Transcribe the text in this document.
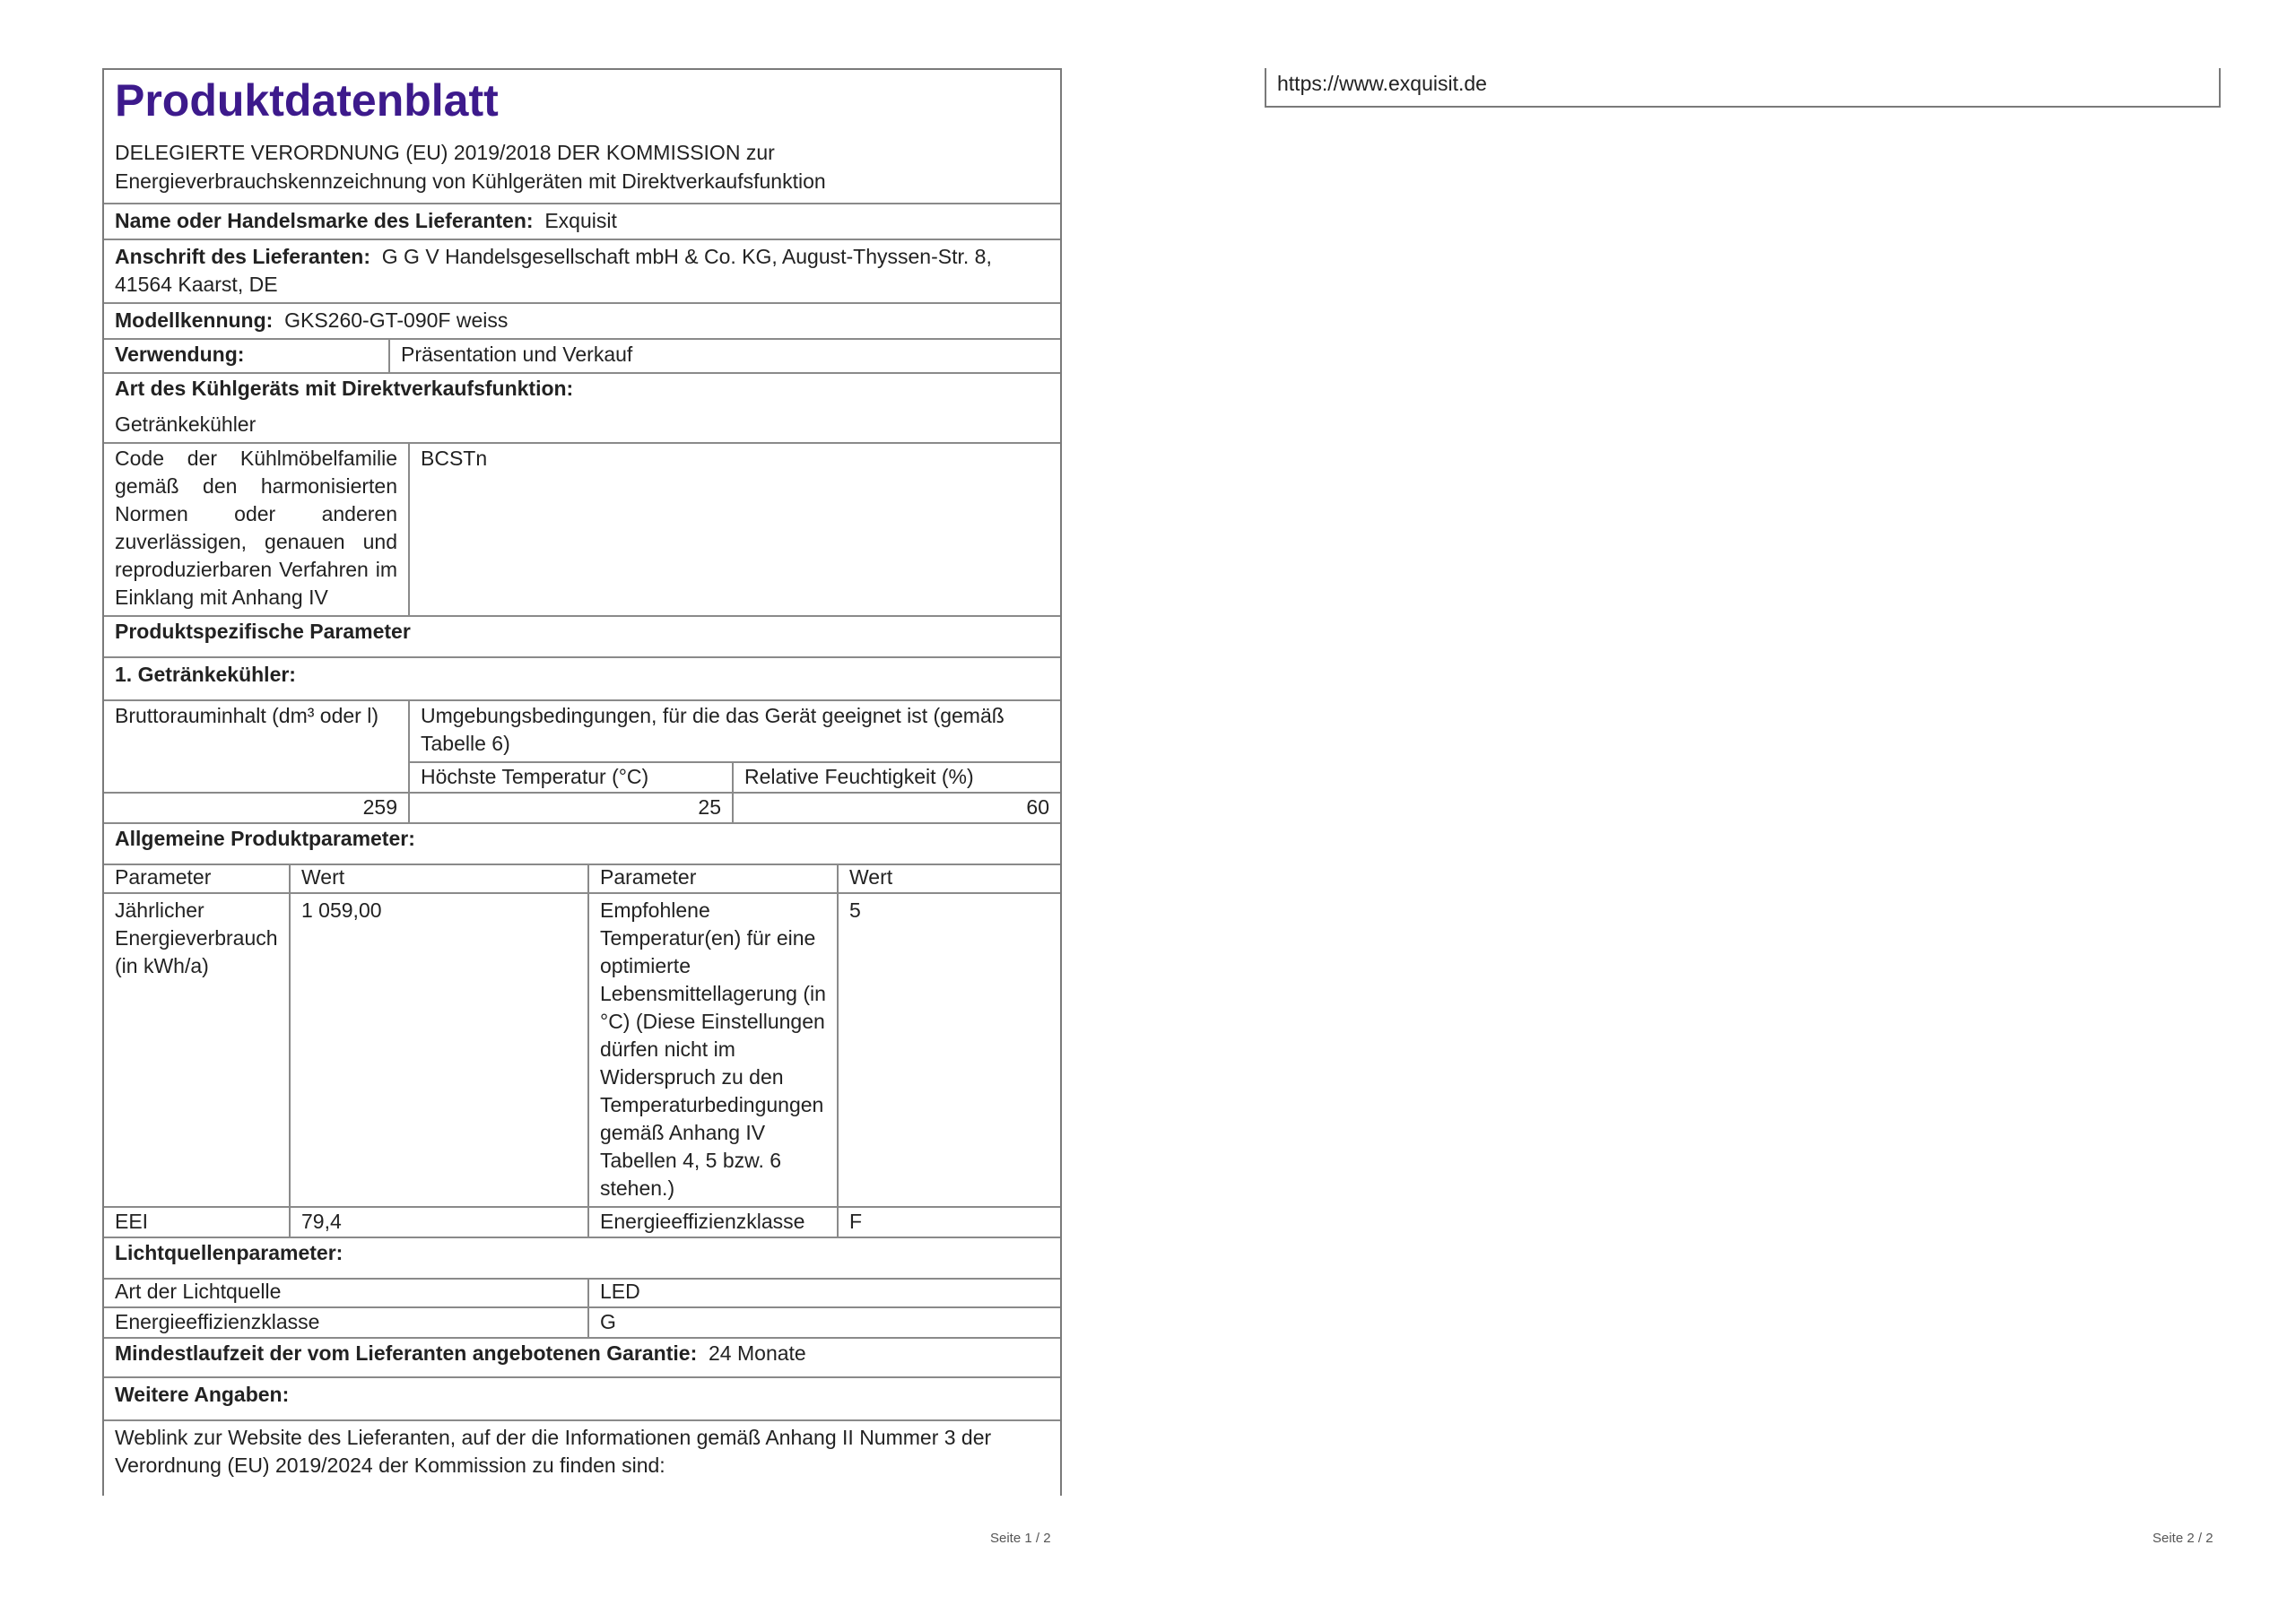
Produktdatenblatt
DELEGIERTE VERORDNUNG (EU) 2019/2018 DER KOMMISSION zur Energieverbrauchskennzeichnung von Kühlgeräten mit Direktverkaufsfunktion

Name oder Handelsmarke des Lieferanten: Exquisit
Anschrift des Lieferanten: G G V Handelsgesellschaft mbH & Co. KG, August-Thyssen-Str. 8, 41564 Kaarst, DE
Modellkennung: GKS260-GT-090F weiss
Verwendung:	Präsentation und Verkauf
Art des Kühlgeräts mit Direktverkaufsfunktion:
Getränkekühler
Code der Kühlmöbelfamilie gemäß den harmonisierten Normen oder anderen zuverlässigen, genauen und reproduzierbaren Verfahren im Einklang mit Anhang IV	BCSTn
Produktspezifische Parameter
1. Getränkekühler:
Bruttorauminhalt (dm³ oder l)	Umgebungsbedingungen, für die das Gerät geeignet ist (gemäß Tabelle 6)	
	Höchste Temperatur (°C)	Relative Feuchtigkeit (%)
259	25	60
Allgemeine Produktparameter:
Parameter	Wert	Parameter	Wert
Jährlicher Energieverbrauch (in kWh/a)	1 059,00	Empfohlene Temperatur(en) für eine optimierte Lebensmittellagerung (in °C) (Diese Einstellungen dürfen nicht im Widerspruch zu den Temperaturbedingungen gemäß Anhang IV Tabellen 4, 5 bzw. 6 stehen.)	5
EEI	79,4	Energieeffizienzklasse	F
Lichtquellenparameter:
Art der Lichtquelle	LED
Energieeffizienzklasse	G
Mindestlaufzeit der vom Lieferanten angebotenen Garantie: 24 Monate
Weitere Angaben:
Weblink zur Website des Lieferanten, auf der die Informationen gemäß Anhang II Nummer 3 der Verordnung (EU) 2019/2024 der Kommission zu finden sind:
Seite 1 / 2
https://www.exquisit.de
Seite 2 / 2
